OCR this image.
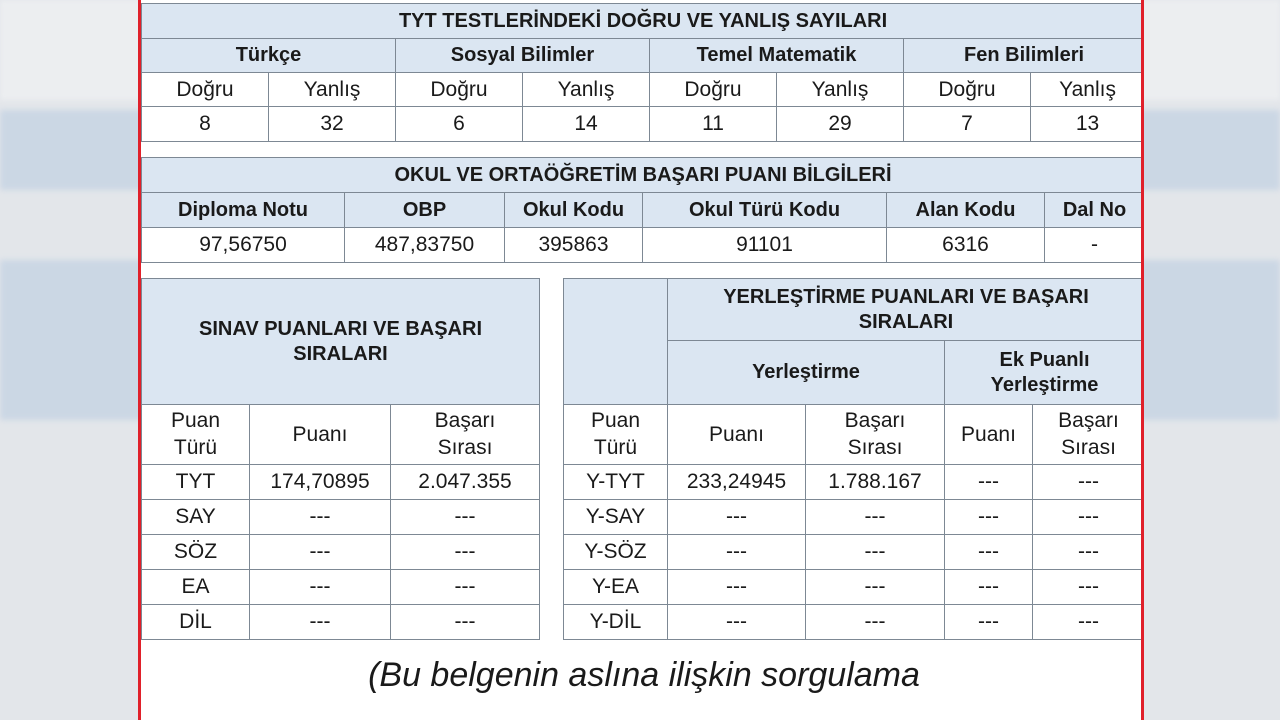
TYT TESTLERİNDEKİ DOĞRU VE YANLIŞ SAYILARI							
Türkçe		Sosyal Bilimler		Temel Matematik		Fen Bilimleri	
Doğru	Yanlış	Doğru	Yanlış	Doğru	Yanlış	Doğru	Yanlış
8	32	6	14	11	29	7	13
OKUL VE ORTAÖĞRETİM BAŞARI PUANI BİLGİLERİ					
Diploma Notu	OBP	Okul Kodu	Okul Türü Kodu	Alan Kodu	Dal No
97,56750	487,83750	395863	91101	6316	-
SINAV PUANLARI VE BAŞARI SIRALARI		
Puan Türü	Puanı	Başarı Sırası
TYT	174,70895	2.047.355
SAY	---	---
SÖZ	---	---
EA	---	---
DİL	---	---
	YERLEŞTİRME PUANLARI VE BAŞARI SIRALARI			
	Yerleştirme		Ek Puanlı Yerleştirme	
Puan Türü	Puanı	Başarı Sırası	Puanı	Başarı Sırası
Y-TYT	233,24945	1.788.167	---	---
Y-SAY	---	---	---	---
Y-SÖZ	---	---	---	---
Y-EA	---	---	---	---
Y-DİL	---	---	---	---
(Bu belgenin aslına ilişkin sorgulama
